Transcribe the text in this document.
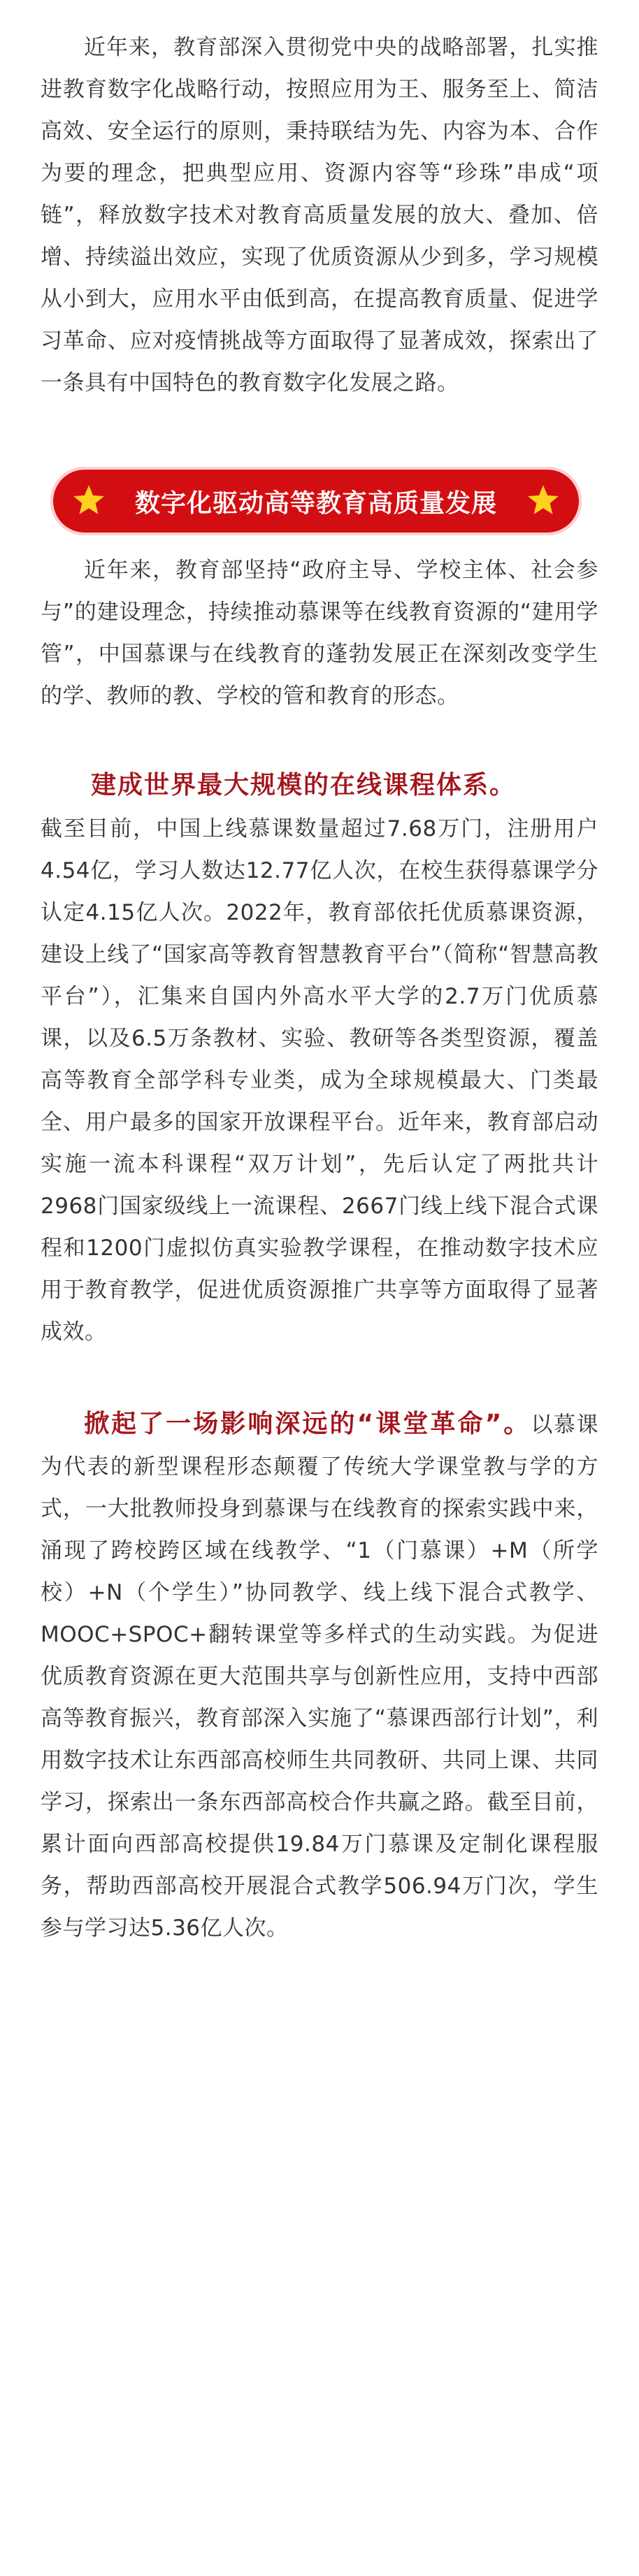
近年来，教育部深入贯彻党中央的战略部署，扎实推进教育数字化战略行动，按照应用为王、服务至上、简洁高效、安全运行的原则，秉持联结为先、内容为本、合作为要的理念，把典型应用、资源内容等“珍珠”串成“项链”，释放数字技术对教育高质量发展的放大、叠加、倍增、持续溢出效应，实现了优质资源从少到多，学习规模从小到大，应用水平由低到高，在提高教育质量、促进学习革命、应对疫情挑战等方面取得了显著成效，探索出了一条具有中国特色的教育数字化发展之路。

数字化驱动高等教育高质量发展

近年来，教育部坚持“政府主导、学校主体、社会参与”的建设理念，持续推动慕课等在线教育资源的“建用学管”，中国慕课与在线教育的蓬勃发展正在深刻改变学生的学、教师的教、学校的管和教育的形态。

建成世界最大规模的在线课程体系。

截至目前，中国上线慕课数量超过7.68万门，注册用户4.54亿，学习人数达12.77亿人次，在校生获得慕课学分认定4.15亿人次。2022年，教育部依托优质慕课资源，建设上线了“国家高等教育智慧教育平台”（简称“智慧高教平台”），汇集来自国内外高水平大学的2.7万门优质慕课，以及6.5万条教材、实验、教研等各类型资源，覆盖高等教育全部学科专业类，成为全球规模最大、门类最全、用户最多的国家开放课程平台。近年来，教育部启动实施一流本科课程“双万计划”，先后认定了两批共计2968门国家级线上一流课程、2667门线上线下混合式课程和1200门虚拟仿真实验教学课程，在推动数字技术应用于教育教学，促进优质资源推广共享等方面取得了显著成效。

掀起了一场影响深远的“课堂革命”。以慕课为代表的新型课程形态颠覆了传统大学课堂教与学的方式，一大批教师投身到慕课与在线教育的探索实践中来，涌现了跨校跨区域在线教学、“1（门慕课）+M（所学校）+N（个学生）”协同教学、线上线下混合式教学、MOOC+SPOC+翻转课堂等多样式的生动实践。为促进优质教育资源在更大范围共享与创新性应用，支持中西部高等教育振兴，教育部深入实施了“慕课西部行计划”，利用数字技术让东西部高校师生共同教研、共同上课、共同学习，探索出一条东西部高校合作共赢之路。截至目前，累计面向西部高校提供19.84万门慕课及定制化课程服务，帮助西部高校开展混合式教学506.94万门次，学生参与学习达5.36亿人次。
